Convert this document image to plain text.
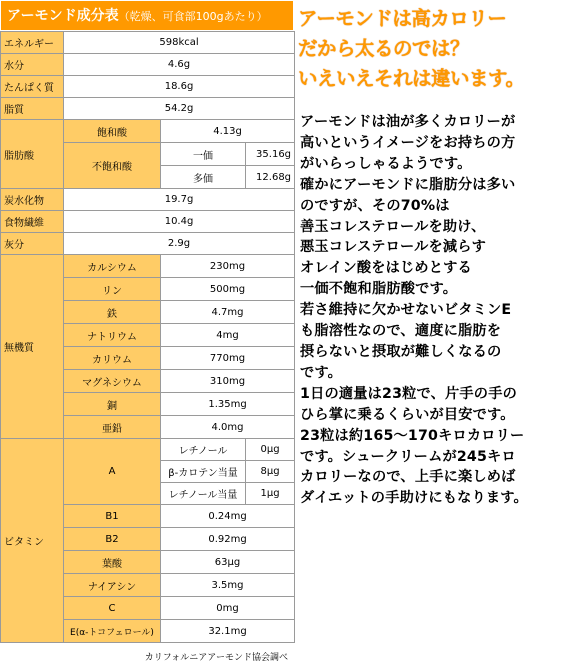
アーモンド成分表（乾燥、可食部100gあたり）
エネルギー	598kcal		
水分	4.6g		
たんぱく質	18.6g		
脂質	54.2g		
脂肪酸	飽和酸	4.13g	
	不飽和酸	一価	35.16g
		多価	12.68g
炭水化物	19.7g		
食物繊維	10.4g		
灰分	2.9g		
無機質	カルシウム	230mg	
	リン	500mg	
	鉄	4.7mg	
	ナトリウム	4mg	
	カリウム	770mg	
	マグネシウム	310mg	
	銅	1.35mg	
	亜鉛	4.0mg	
ビタミン	A	レチノール	0μg
		β-カロテン当量	8μg
		レチノール当量	1μg
	B1	0.24mg	
	B2	0.92mg	
	葉酸	63μg	
	ナイアシン	3.5mg	
	C	0mg	
	E(α-トコフェロール)	32.1mg	
カリフォルニアアーモンド協会調べ
アーモンドは高カロリー
だから太るのでは？
いえいえそれは違います。
アーモンドは油が多くカロリーが
高いというイメージをお持ちの方
がいらっしゃるようです。
確かにアーモンドに脂肪分は多い
のですが、その70%は
善玉コレステロールを助け、
悪玉コレステロールを減らす
オレイン酸をはじめとする
一価不飽和脂肪酸です。
若さ維持に欠かせないビタミンE
も脂溶性なので、適度に脂肪を
摂らないと摂取が難しくなるの
です。
1日の適量は23粒で、片手の手の
ひら掌に乗るくらいが目安です。
23粒は約165～170キロカロリー
です。シュークリームが245キロ
カロリーなので、上手に楽しめば
ダイエットの手助けにもなります。
